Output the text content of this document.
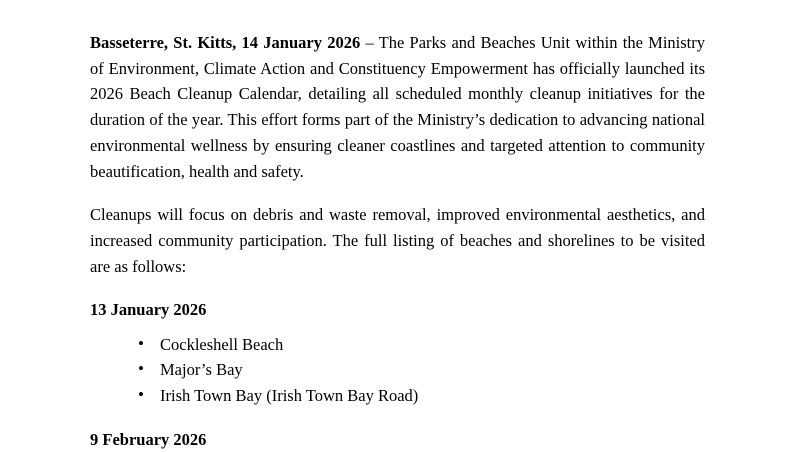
Basseterre, St. Kitts, 14 January 2026 – The Parks and Beaches Unit within the Ministry of Environment, Climate Action and Constituency Empowerment has officially launched its 2026 Beach Cleanup Calendar, detailing all scheduled monthly cleanup initiatives for the duration of the year. This effort forms part of the Ministry’s dedication to advancing national environmental wellness by ensuring cleaner coastlines and targeted attention to community beautification, health and safety.

Cleanups will focus on debris and waste removal, improved environmental aesthetics, and increased community participation. The full listing of beaches and shorelines to be visited are as follows:

13 January 2026
• Cockleshell Beach
• Major’s Bay
• Irish Town Bay (Irish Town Bay Road)
9 February 2026
